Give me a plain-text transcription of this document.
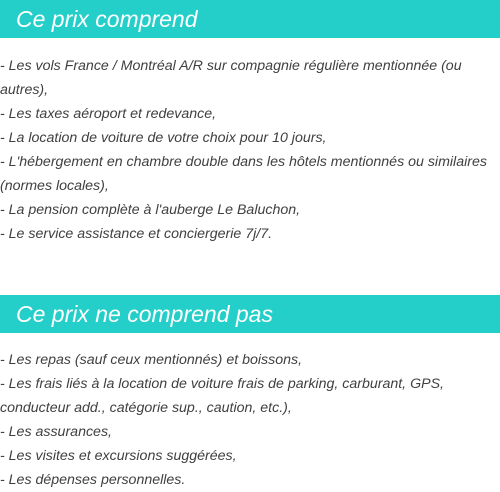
Ce prix comprend
- Les vols France / Montréal A/R sur compagnie régulière mentionnée (ou autres),
- Les taxes aéroport et redevance,
- La location de voiture de votre choix pour 10 jours,
- L'hébergement en chambre double dans les hôtels mentionnés ou similaires (normes locales),
- La pension complète à l'auberge Le Baluchon,
- Le service assistance et conciergerie 7j/7.
Ce prix ne comprend pas
- Les repas (sauf ceux mentionnés) et boissons,
- Les frais liés à la location de voiture frais de parking, carburant, GPS, conducteur add., catégorie sup., caution, etc.),
- Les assurances,
- Les visites et excursions suggérées,
- Les dépenses personnelles.
